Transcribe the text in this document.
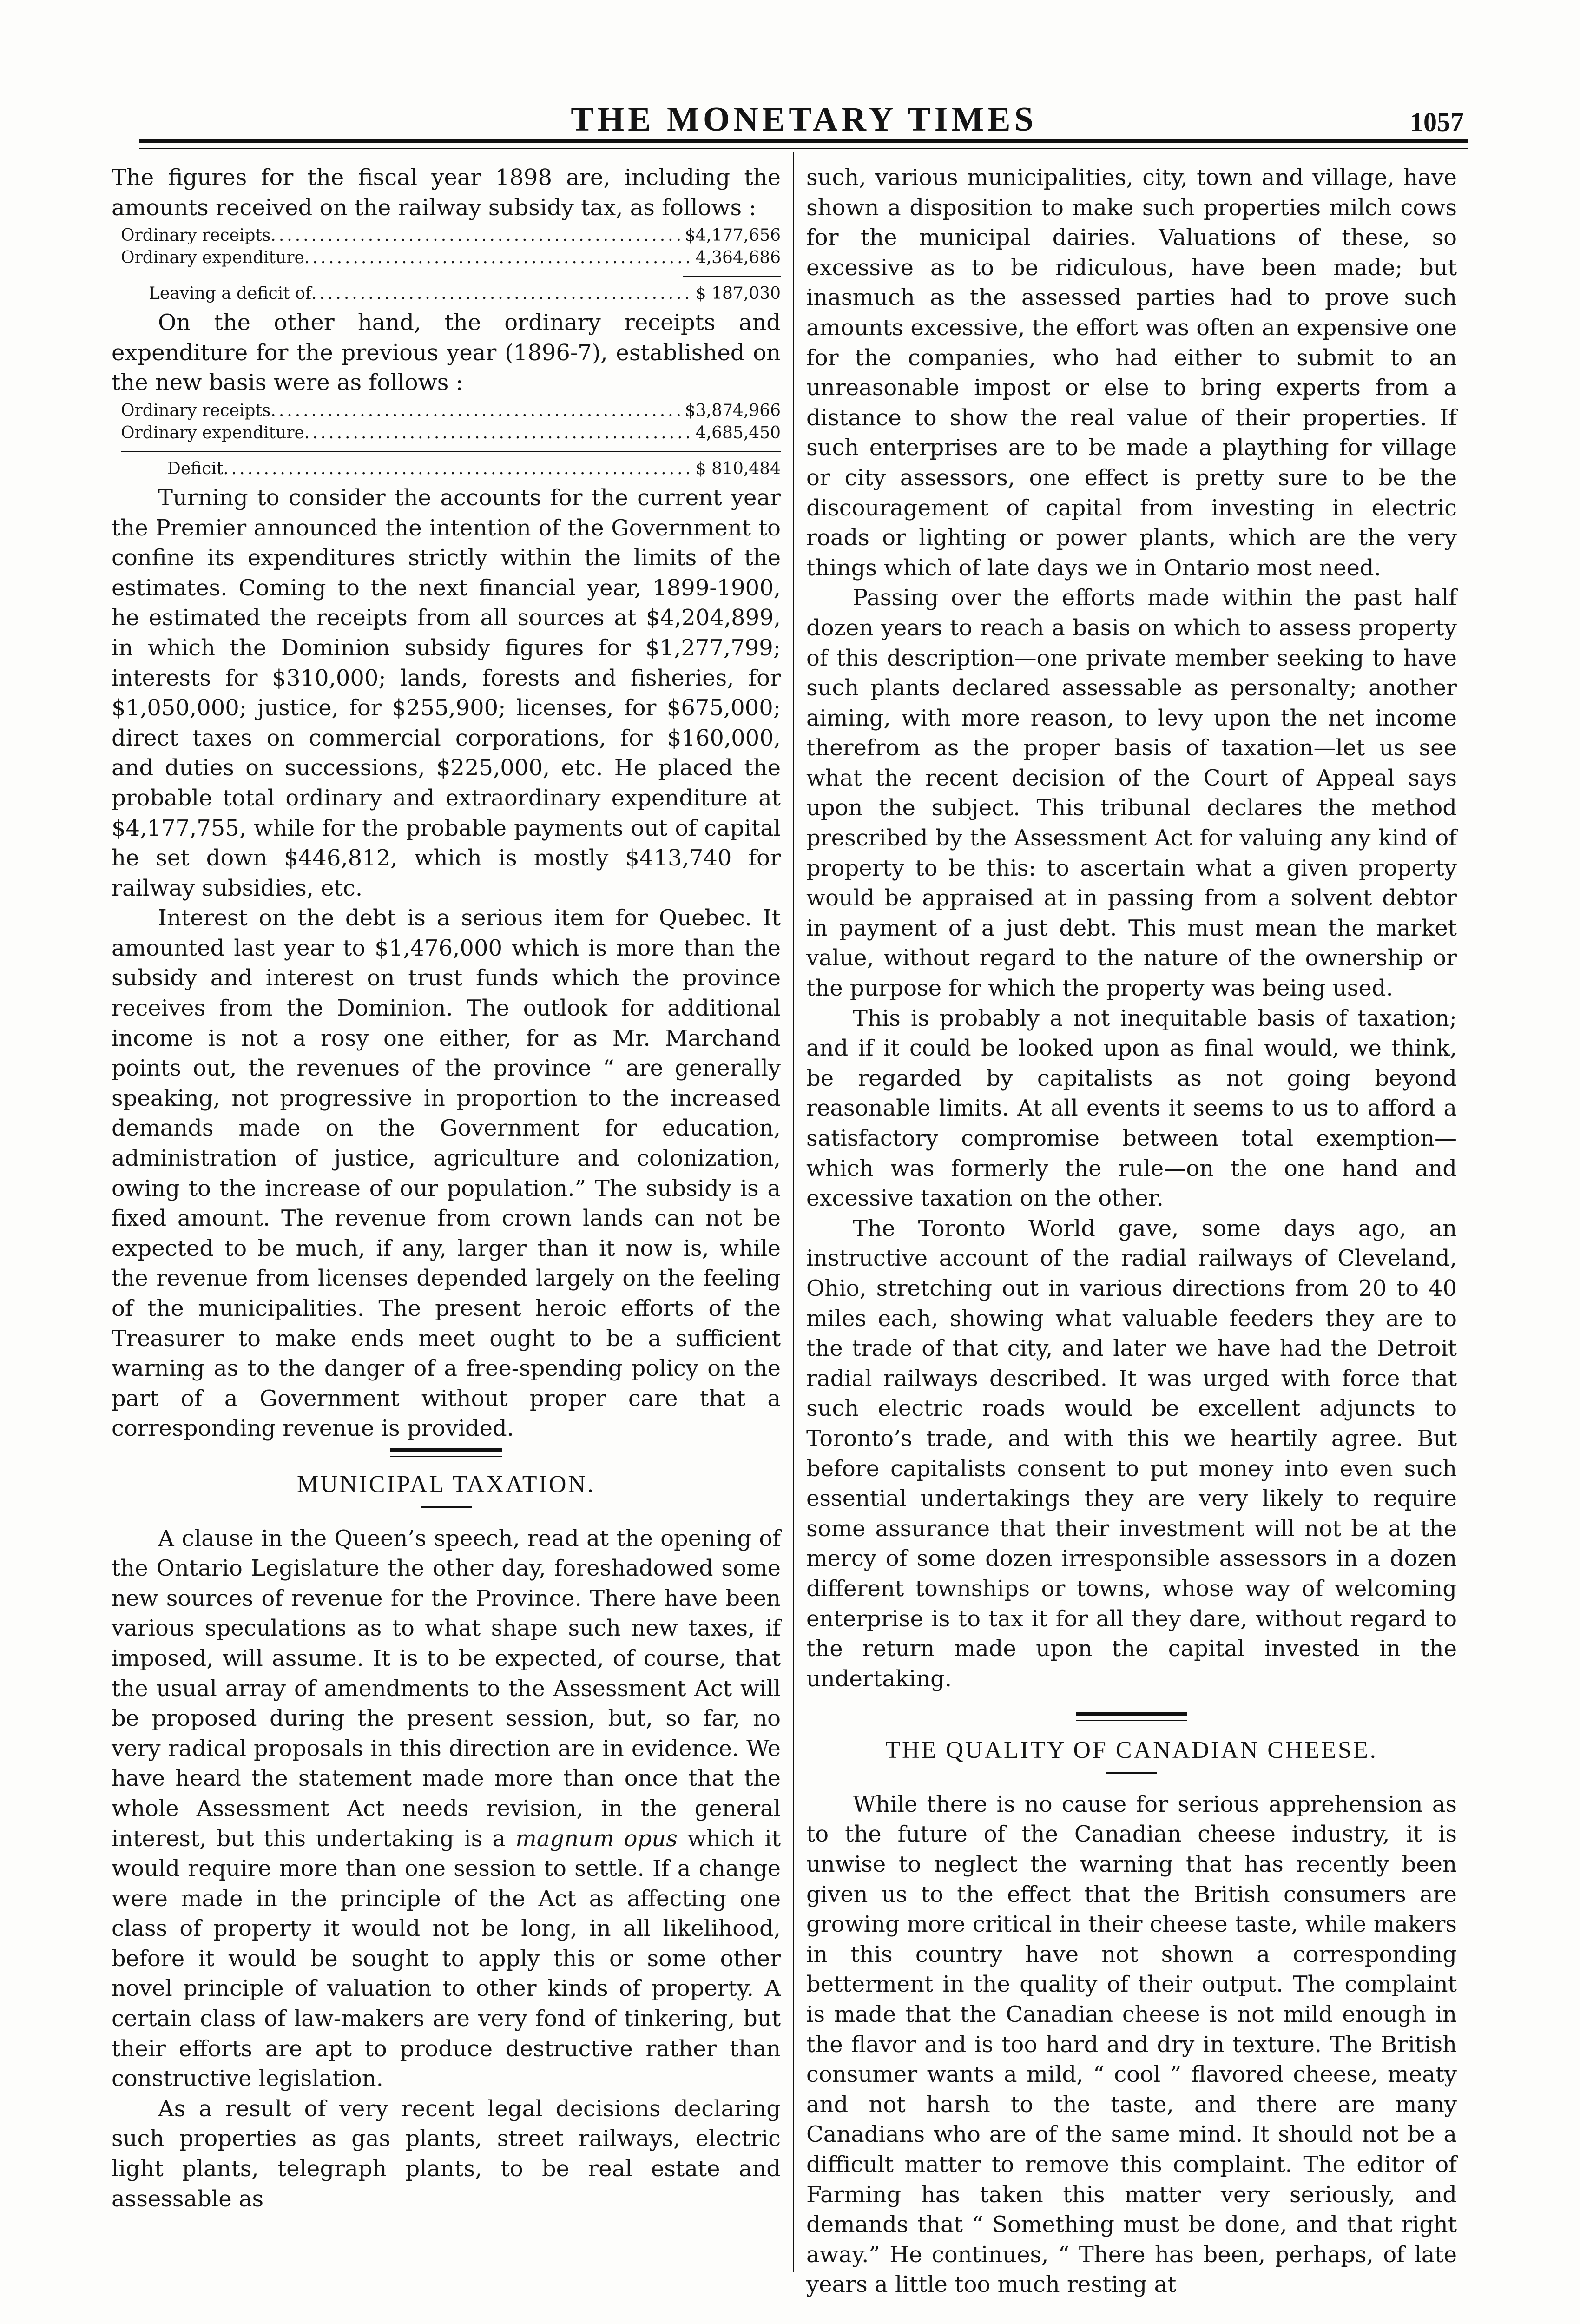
THE MONETARY TIMES	1057

The figures for the fiscal year 1898 are, including the amounts received on the railway subsidy tax, as follows :

Ordinary receipts .....	$4,177,656
Ordinary expenditure .....	4,364,686
Leaving a deficit of .....	$ 187,030

On the other hand, the ordinary receipts and expenditure for the previous year (1896-7), established on the new basis were as follows :

Ordinary receipts .....	$3,874,966
Ordinary expenditure .....	4,685,450
Deficit .....	$ 810,484

Turning to consider the accounts for the current year the Premier announced the intention of the Government to confine its expenditures strictly within the limits of the estimates. Coming to the next financial year, 1899-1900, he estimated the receipts from all sources at $4,204,899, in which the Dominion subsidy figures for $1,277,799; interests for $310,000; lands, forests and fisheries, for $1,050,000; justice, for $255,900; licenses, for $675,000; direct taxes on commercial corporations, for $160,000, and duties on successions, $225,000, etc. He placed the probable total ordinary and extraordinary expenditure at $4,177,755, while for the probable payments out of capital he set down $446,812, which is mostly $413,740 for railway subsidies, etc.

Interest on the debt is a serious item for Quebec. It amounted last year to $1,476,000 which is more than the subsidy and interest on trust funds which the province receives from the Dominion. The outlook for additional income is not a rosy one either, for as Mr. Marchand points out, the revenues of the province “ are generally speaking, not progressive in proportion to the increased demands made on the Government for education, administration of justice, agriculture and colonization, owing to the increase of our population.” The subsidy is a fixed amount. The revenue from crown lands can not be expected to be much, if any, larger than it now is, while the revenue from licenses depended largely on the feeling of the municipalities. The present heroic efforts of the Treasurer to make ends meet ought to be a sufficient warning as to the danger of a free-spending policy on the part of a Government without proper care that a corresponding revenue is provided.

MUNICIPAL TAXATION.

A clause in the Queen’s speech, read at the opening of the Ontario Legislature the other day, foreshadowed some new sources of revenue for the Province. There have been various speculations as to what shape such new taxes, if imposed, will assume. It is to be expected, of course, that the usual array of amendments to the Assessment Act will be proposed during the present session, but, so far, no very radical proposals in this direction are in evidence. We have heard the statement made more than once that the whole Assessment Act needs revision, in the general interest, but this undertaking is a magnum opus which it would require more than one session to settle. If a change were made in the principle of the Act as affecting one class of property it would not be long, in all likelihood, before it would be sought to apply this or some other novel principle of valuation to other kinds of property. A certain class of law-makers are very fond of tinkering, but their efforts are apt to produce destructive rather than constructive legislation.

As a result of very recent legal decisions declaring such properties as gas plants, street railways, electric light plants, telegraph plants, to be real estate and assessable as

such, various municipalities, city, town and village, have shown a disposition to make such properties milch cows for the municipal dairies. Valuations of these, so excessive as to be ridiculous, have been made; but inasmuch as the assessed parties had to prove such amounts excessive, the effort was often an expensive one for the companies, who had either to submit to an unreasonable impost or else to bring experts from a distance to show the real value of their properties. If such enterprises are to be made a plaything for village or city assessors, one effect is pretty sure to be the discouragement of capital from investing in electric roads or lighting or power plants, which are the very things which of late days we in Ontario most need.

Passing over the efforts made within the past half dozen years to reach a basis on which to assess property of this description—one private member seeking to have such plants declared assessable as personalty; another aiming, with more reason, to levy upon the net income therefrom as the proper basis of taxation—let us see what the recent decision of the Court of Appeal says upon the subject. This tribunal declares the method prescribed by the Assessment Act for valuing any kind of property to be this: to ascertain what a given property would be appraised at in passing from a solvent debtor in payment of a just debt. This must mean the market value, without regard to the nature of the ownership or the purpose for which the property was being used.

This is probably a not inequitable basis of taxation; and if it could be looked upon as final would, we think, be regarded by capitalists as not going beyond reasonable limits. At all events it seems to us to afford a satisfactory compromise between total exemption—which was formerly the rule—on the one hand and excessive taxation on the other.

The Toronto World gave, some days ago, an instructive account of the radial railways of Cleveland, Ohio, stretching out in various directions from 20 to 40 miles each, showing what valuable feeders they are to the trade of that city, and later we have had the Detroit radial railways described. It was urged with force that such electric roads would be excellent adjuncts to Toronto’s trade, and with this we heartily agree. But before capitalists consent to put money into even such essential undertakings they are very likely to require some assurance that their investment will not be at the mercy of some dozen irresponsible assessors in a dozen different townships or towns, whose way of welcoming enterprise is to tax it for all they dare, without regard to the return made upon the capital invested in the undertaking.

THE QUALITY OF CANADIAN CHEESE.

While there is no cause for serious apprehension as to the future of the Canadian cheese industry, it is unwise to neglect the warning that has recently been given us to the effect that the British consumers are growing more critical in their cheese taste, while makers in this country have not shown a corresponding betterment in the quality of their output. The complaint is made that the Canadian cheese is not mild enough in the flavor and is too hard and dry in texture. The British consumer wants a mild, “ cool ” flavored cheese, meaty and not harsh to the taste, and there are many Canadians who are of the same mind. It should not be a difficult matter to remove this complaint. The editor of Farming has taken this matter very seriously, and demands that “ Something must be done, and that right away.” He continues, “ There has been, perhaps, of late years a little too much resting at
